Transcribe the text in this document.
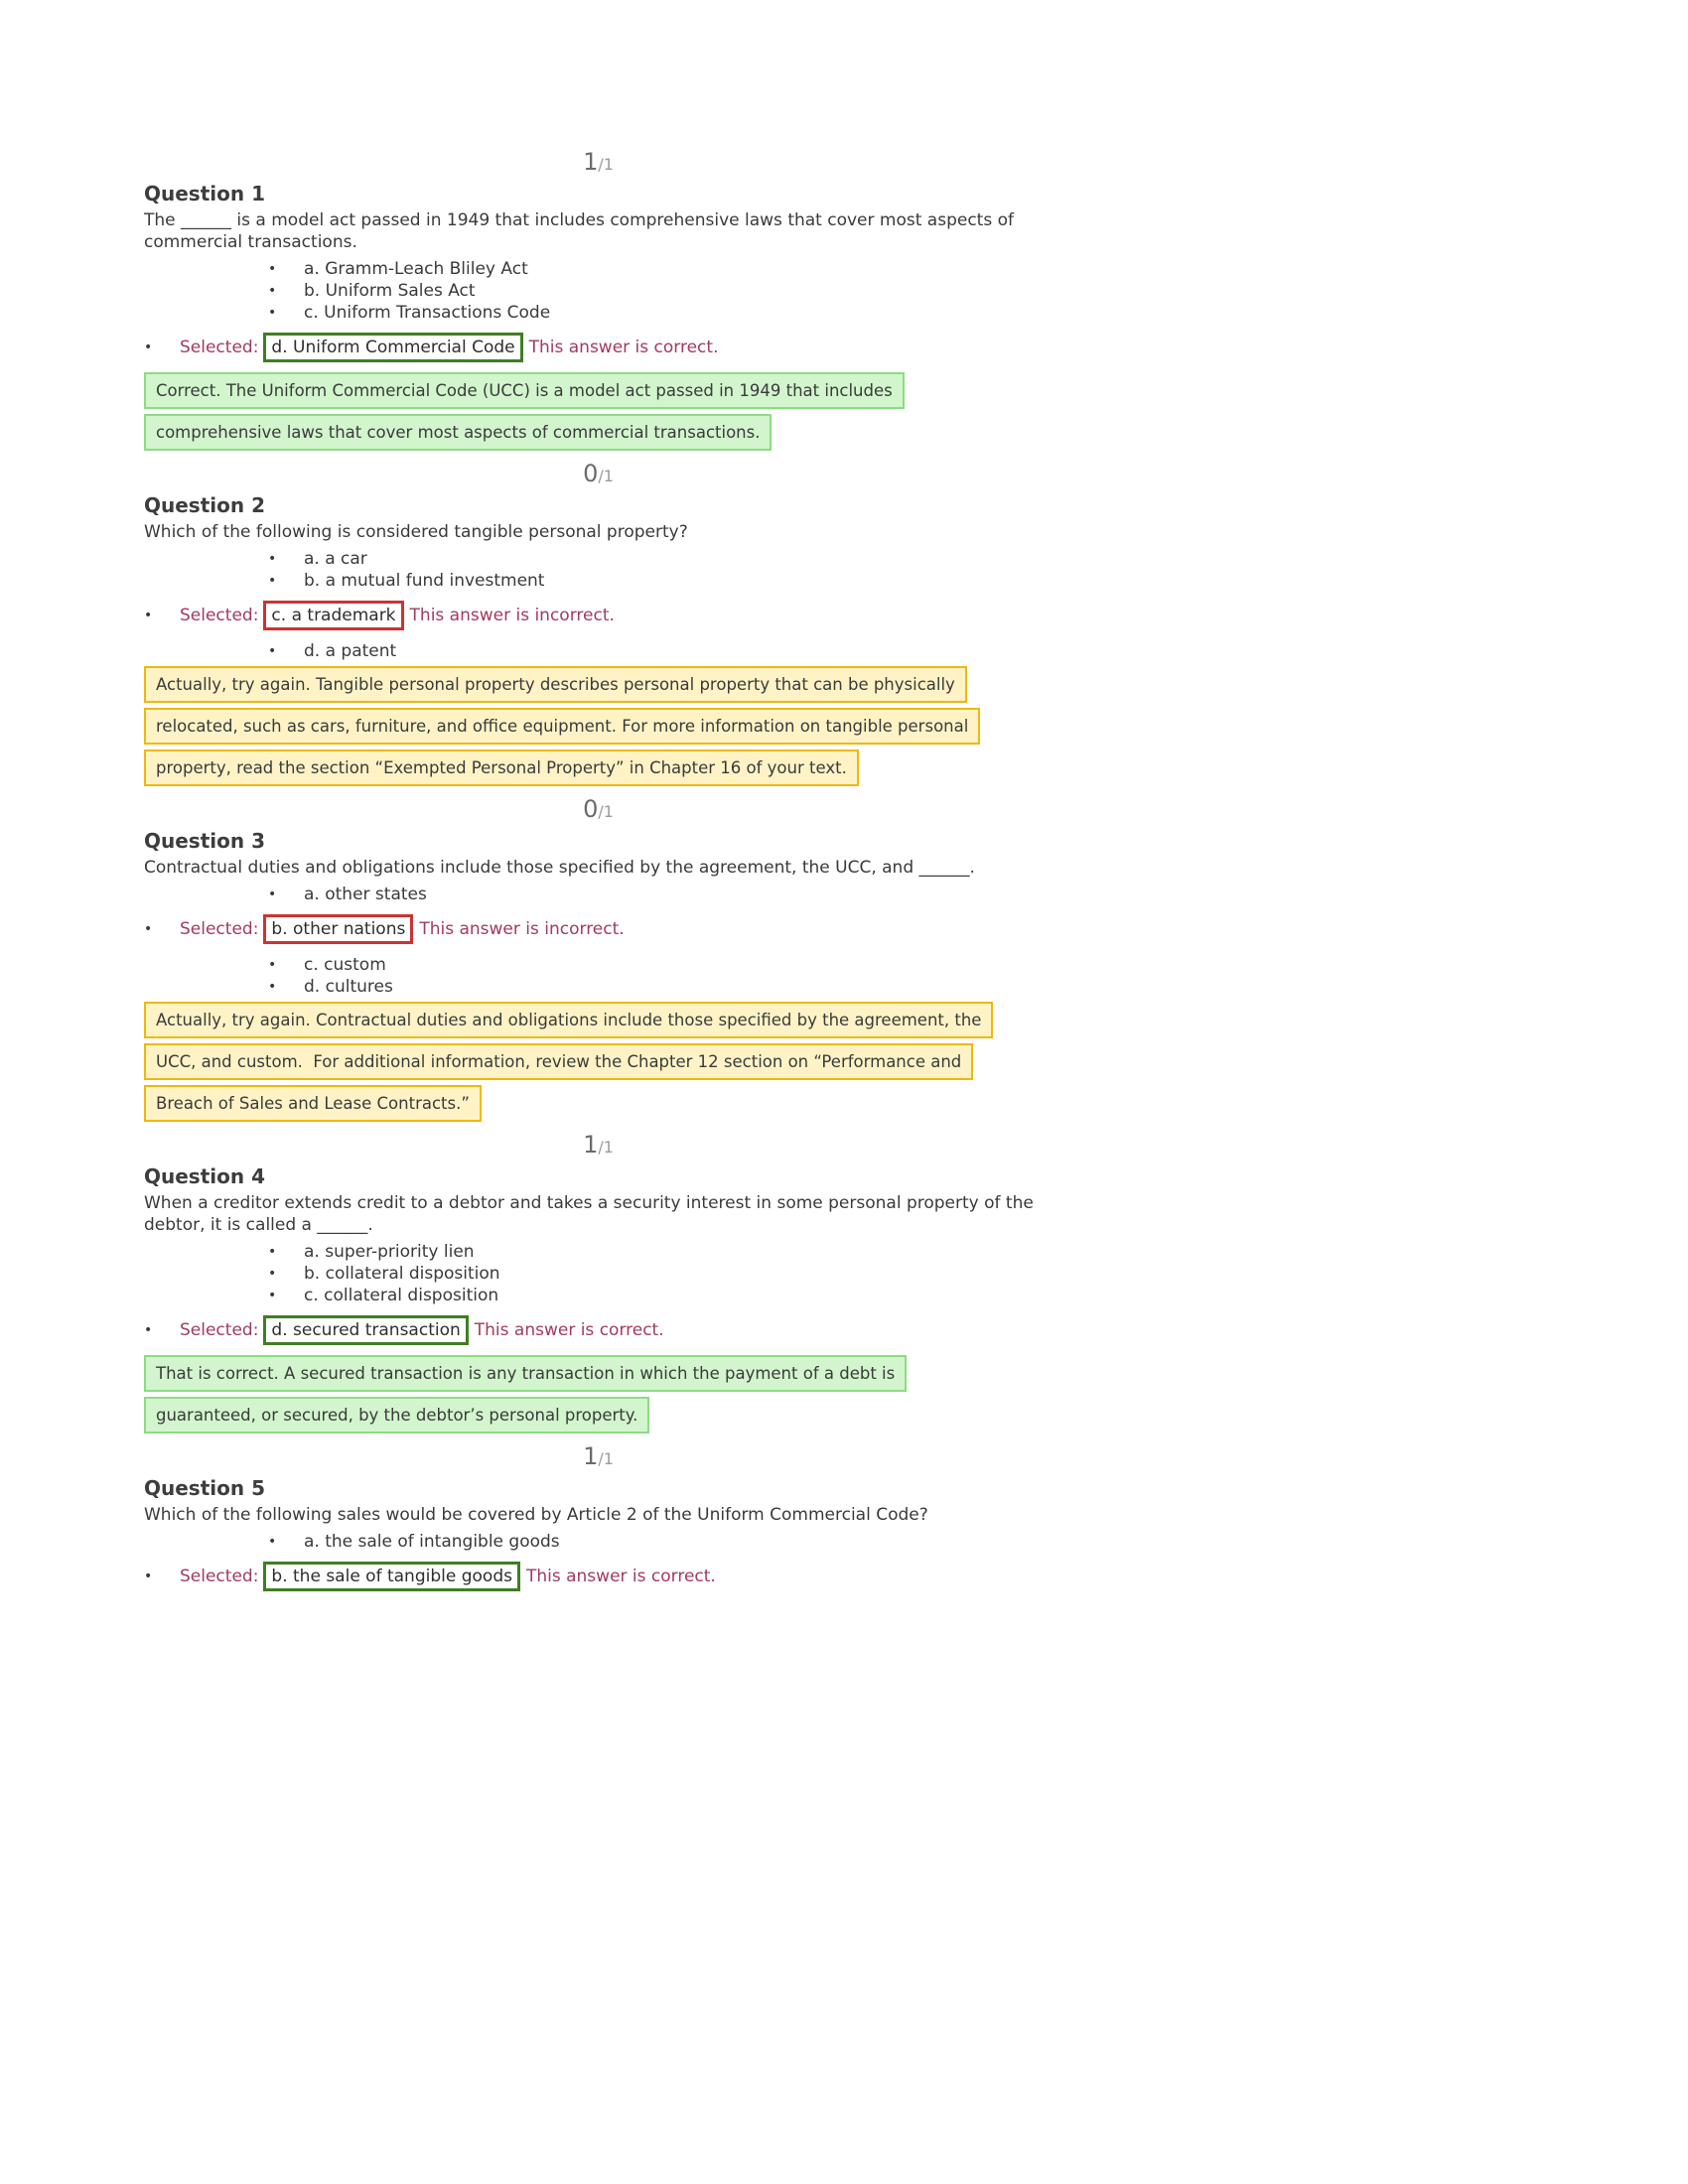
1/1
Question 1

The ______ is a model act passed in 1949 that includes comprehensive laws that cover most aspects of commercial transactions.

•	a. Gramm-Leach Bliley Act
•	b. Uniform Sales Act
•	c. Uniform Transactions Code
•	Selected: d. Uniform Commercial Code This answer is correct.
Correct. The Uniform Commercial Code (UCC) is a model act passed in 1949 that includes
comprehensive laws that cover most aspects of commercial transactions.
0/1
Question 2

Which of the following is considered tangible personal property?

•	a. a car
•	b. a mutual fund investment
•	Selected: c. a trademark This answer is incorrect.
•	d. a patent
Actually, try again. Tangible personal property describes personal property that can be physically
relocated, such as cars, furniture, and office equipment. For more information on tangible personal
property, read the section “Exempted Personal Property” in Chapter 16 of your text.
0/1
Question 3

Contractual duties and obligations include those specified by the agreement, the UCC, and ______.

•	a. other states
•	Selected: b. other nations This answer is incorrect.
•	c. custom
•	d. cultures
Actually, try again. Contractual duties and obligations include those specified by the agreement, the
UCC, and custom.  For additional information, review the Chapter 12 section on “Performance and
Breach of Sales and Lease Contracts.”
1/1
Question 4

When a creditor extends credit to a debtor and takes a security interest in some personal property of the debtor, it is called a ______.

•	a. super-priority lien
•	b. collateral disposition
•	c. collateral disposition
•	Selected: d. secured transaction This answer is correct.
That is correct. A secured transaction is any transaction in which the payment of a debt is
guaranteed, or secured, by the debtor’s personal property.
1/1
Question 5

Which of the following sales would be covered by Article 2 of the Uniform Commercial Code?

•	a. the sale of intangible goods
•	Selected: b. the sale of tangible goods This answer is correct.
